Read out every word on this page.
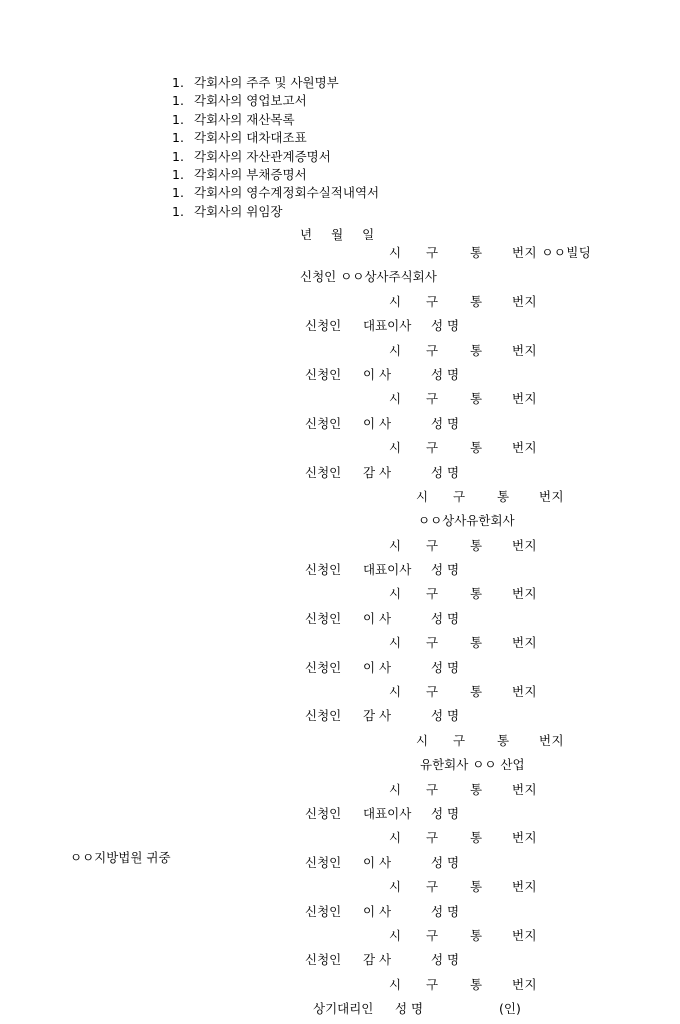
1. 각회사의 주주 및 사원명부
1. 각회사의 영업보고서
1. 각회사의 재산목록
1. 각회사의 대차대조표
1. 각회사의 자산관계증명서
1. 각회사의 부채증명서
1. 각회사의 영수계정회수실적내역서
1. 각회사의 위임장
년 월 일
시 구	통 번지 ㅇㅇ빌딩
신청인 ㅇㅇ상사주식회사
시 구	통 번지
신청인 대표이사 성 명
시 구	통 번지
신청인 이 사	성 명
시 구	통 번지
신청인 이 사	성 명
시 구	통 번지
신청인 감 사	성 명
시 구	통 번지
ㅇㅇ상사유한회사
시 구	통 번지
신청인 대표이사 성 명
시 구	통 번지
신청인 이 사	성 명
시 구	통 번지
신청인 이 사	성 명
시 구	통 번지
신청인 감 사	성 명
시 구	통 번지
유한회사 ㅇㅇ 산업
시 구	통 번지
신청인 대표이사 성 명
시 구	통 번지
신청인 이 사	성 명
시 구	통 번지
신청인 이 사	성 명
시 구	통 번지
신청인 감 사	성 명
시 구	통 번지
상기대리인 성 명	(인)
ㅇㅇ지방법원 귀중
